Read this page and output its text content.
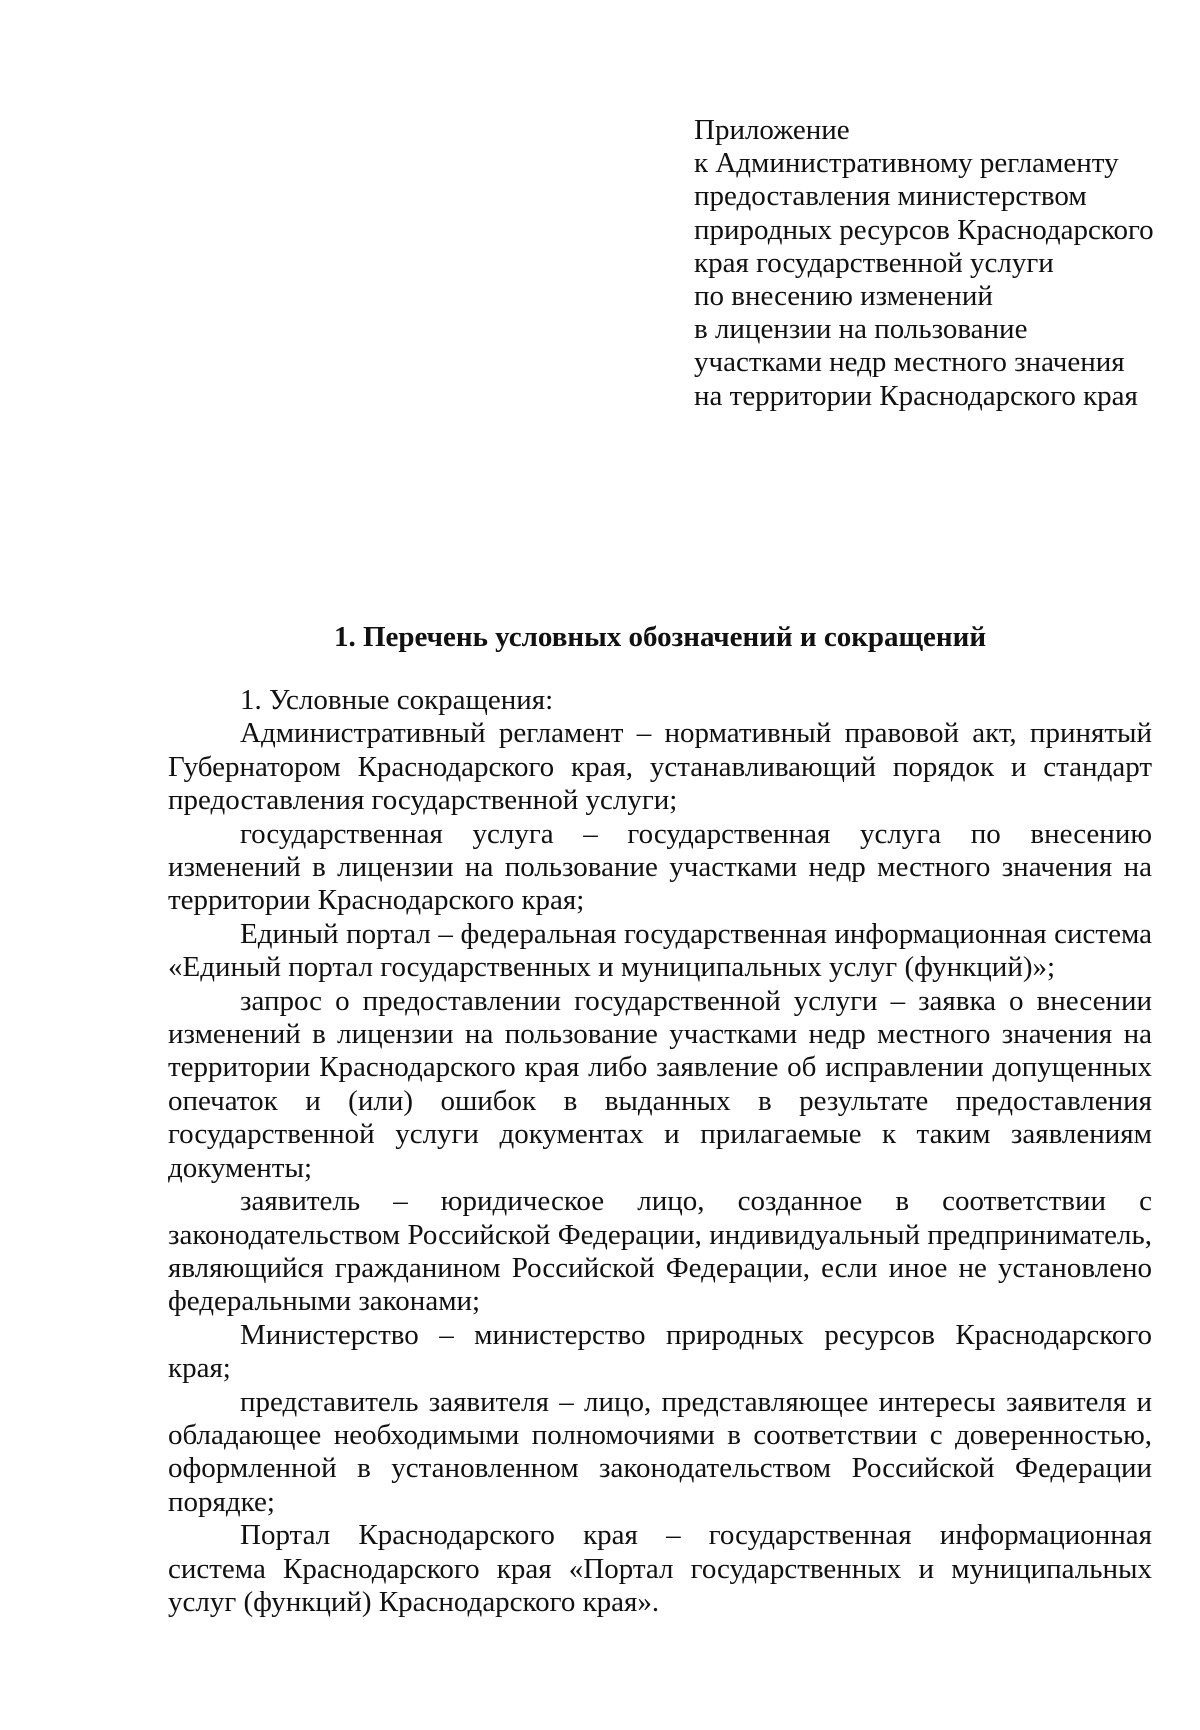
Приложение
к Административному регламенту
предоставления министерством
природных ресурсов Краснодарского
края государственной услуги
по внесению изменений
в лицензии на пользование
участками недр местного значения
на территории Краснодарского края
1. Перечень условных обозначений и сокращений

1. Условные сокращения:

Административный регламент – нормативный правовой акт, принятый Губернатором Краснодарского края, устанавливающий порядок и стандарт предоставления государственной услуги;

государственная услуга – государственная услуга по внесению изменений в лицензии на пользование участками недр местного значения на территории Краснодарского края;

Единый портал – федеральная государственная информационная система «Единый портал государственных и муниципальных услуг (функций)»;

запрос о предоставлении государственной услуги – заявка о внесении изменений в лицензии на пользование участками недр местного значения на территории Краснодарского края либо заявление об исправлении допущенных опечаток и (или) ошибок в выданных в результате предоставления государственной услуги документах и прилагаемые к таким заявлениям документы;

заявитель – юридическое лицо, созданное в соответствии с законодательством Российской Федерации, индивидуальный предприниматель, являющийся гражданином Российской Федерации, если иное не установлено федеральными законами;

Министерство – министерство природных ресурсов Краснодарского края;

представитель заявителя – лицо, представляющее интересы заявителя и обладающее необходимыми полномочиями в соответствии с доверенностью, оформленной в установленном законодательством Российской Федерации порядке;

Портал Краснодарского края – государственная информационная система Краснодарского края «Портал государственных и муниципальных услуг (функций) Краснодарского края».
